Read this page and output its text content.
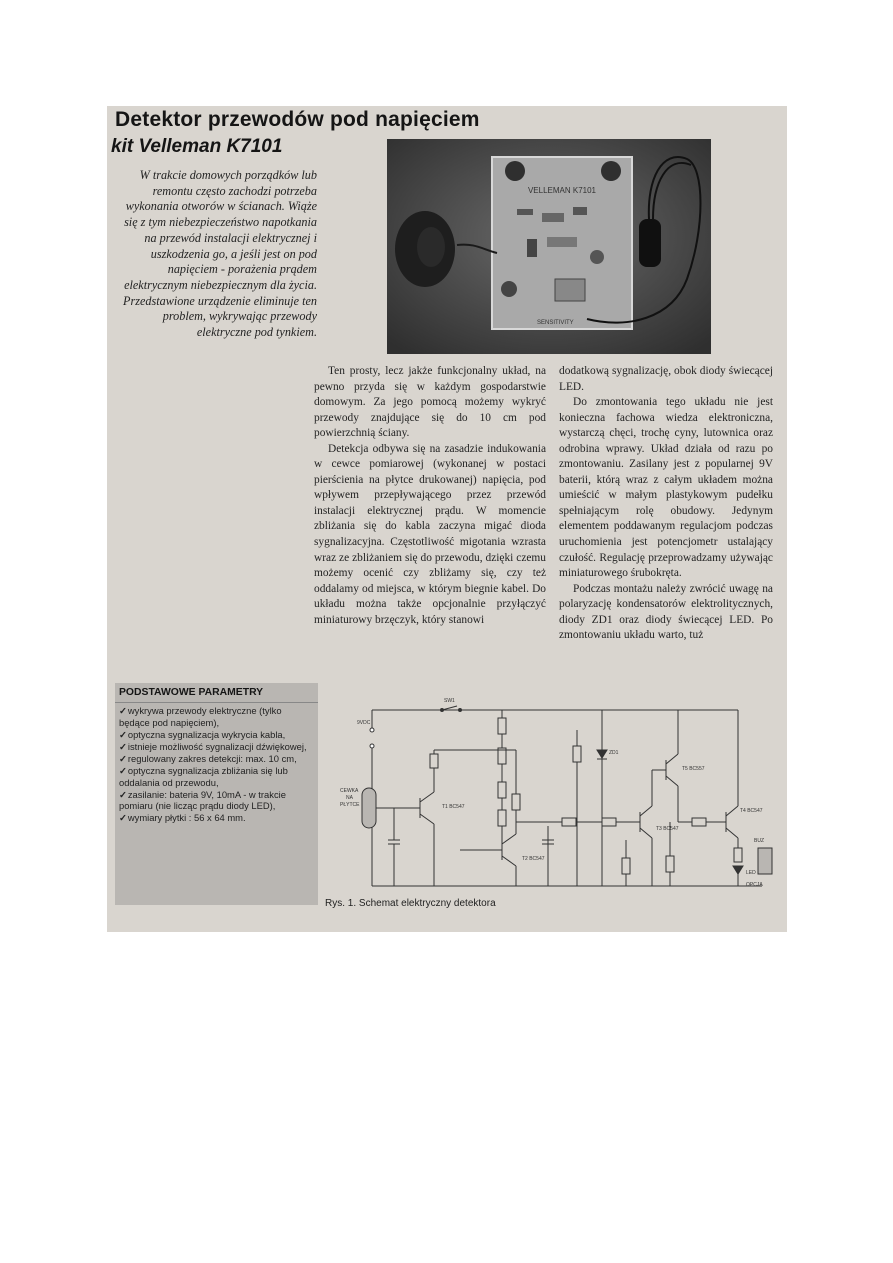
Detektor przewodów pod napięciem
kit Velleman K7101
VELLEMAN K7101
SENSITIVITY
W trakcie domowych porządków lub remontu często zachodzi potrzeba wykonania otworów w ścianach. Wiąże się z tym niebezpieczeństwo napotkania na przewód instalacji elektrycznej i uszkodzenia go, a jeśli jest on pod napięciem - porażenia prądem elektrycznym niebezpiecznym dla życia. Przedstawione urządzenie eliminuje ten problem, wykrywając przewody elektryczne pod tynkiem.

Ten prosty, lecz jakże funkcjonalny układ, na pewno przyda się w każdym gospodarstwie domowym. Za jego pomocą możemy wykryć przewody znajdujące się do 10 cm pod powierzchnią ściany.

Detekcja odbywa się na zasadzie indukowania w cewce pomiarowej (wykonanej w postaci pierścienia na płytce drukowanej) napięcia, pod wpływem przepływającego przez przewód instalacji elektrycznej prądu. W momencie zbliżania się do kabla zaczyna migać dioda sygnalizacyjna. Częstotliwość migotania wzrasta wraz ze zbliżaniem się do przewodu, dzięki czemu możemy ocenić czy zbliżamy się, czy też oddalamy od miejsca, w którym biegnie kabel. Do układu można także opcjonalnie przyłączyć miniaturowy brzęczyk, który stanowi

dodatkową sygnalizację, obok diody świecącej LED.

Do zmontowania tego układu nie jest konieczna fachowa wiedza elektroniczna, wystarczą chęci, trochę cyny, lutownica oraz odrobina wprawy. Układ działa od razu po zmontowaniu. Zasilany jest z popularnej 9V baterii, którą wraz z całym układem można umieścić w małym plastykowym pudełku spełniającym rolę obudowy. Jedynym elementem poddawanym regulacjom podczas uruchomienia jest potencjometr ustalający czułość. Regulację przeprowadzamy używając miniaturowego śrubokręta.

Podczas montażu należy zwrócić uwagę na polaryzację kondensatorów elektrolitycznych, diody ZD1 oraz diody świecącej LED. Po zmontowaniu układu warto, tuż

PODSTAWOWE PARAMETRY
✓wykrywa przewody elektryczne (tylko będące pod napięciem),
✓optyczna sygnalizacja wykrycia kabla,
✓istnieje możliwość sygnalizacji dźwiękowej,
✓regulowany zakres detekcji: max. 10 cm,
✓optyczna sygnalizacja zbliżania się lub oddalania od przewodu,
✓zasilanie: bateria 9V, 10mA - w trakcie pomiaru (nie licząc prądu diody LED),
✓wymiary płytki : 56 x 64 mm.
9VDC
SW1
CEWKA
NA
PŁYTCE	T1 BC547
T2 BC547
ZD1
T3 BC547
T5 BC557
T4 BC547
LED
BUZ
OPCJA
Rys. 1. Schemat elektryczny detektora
